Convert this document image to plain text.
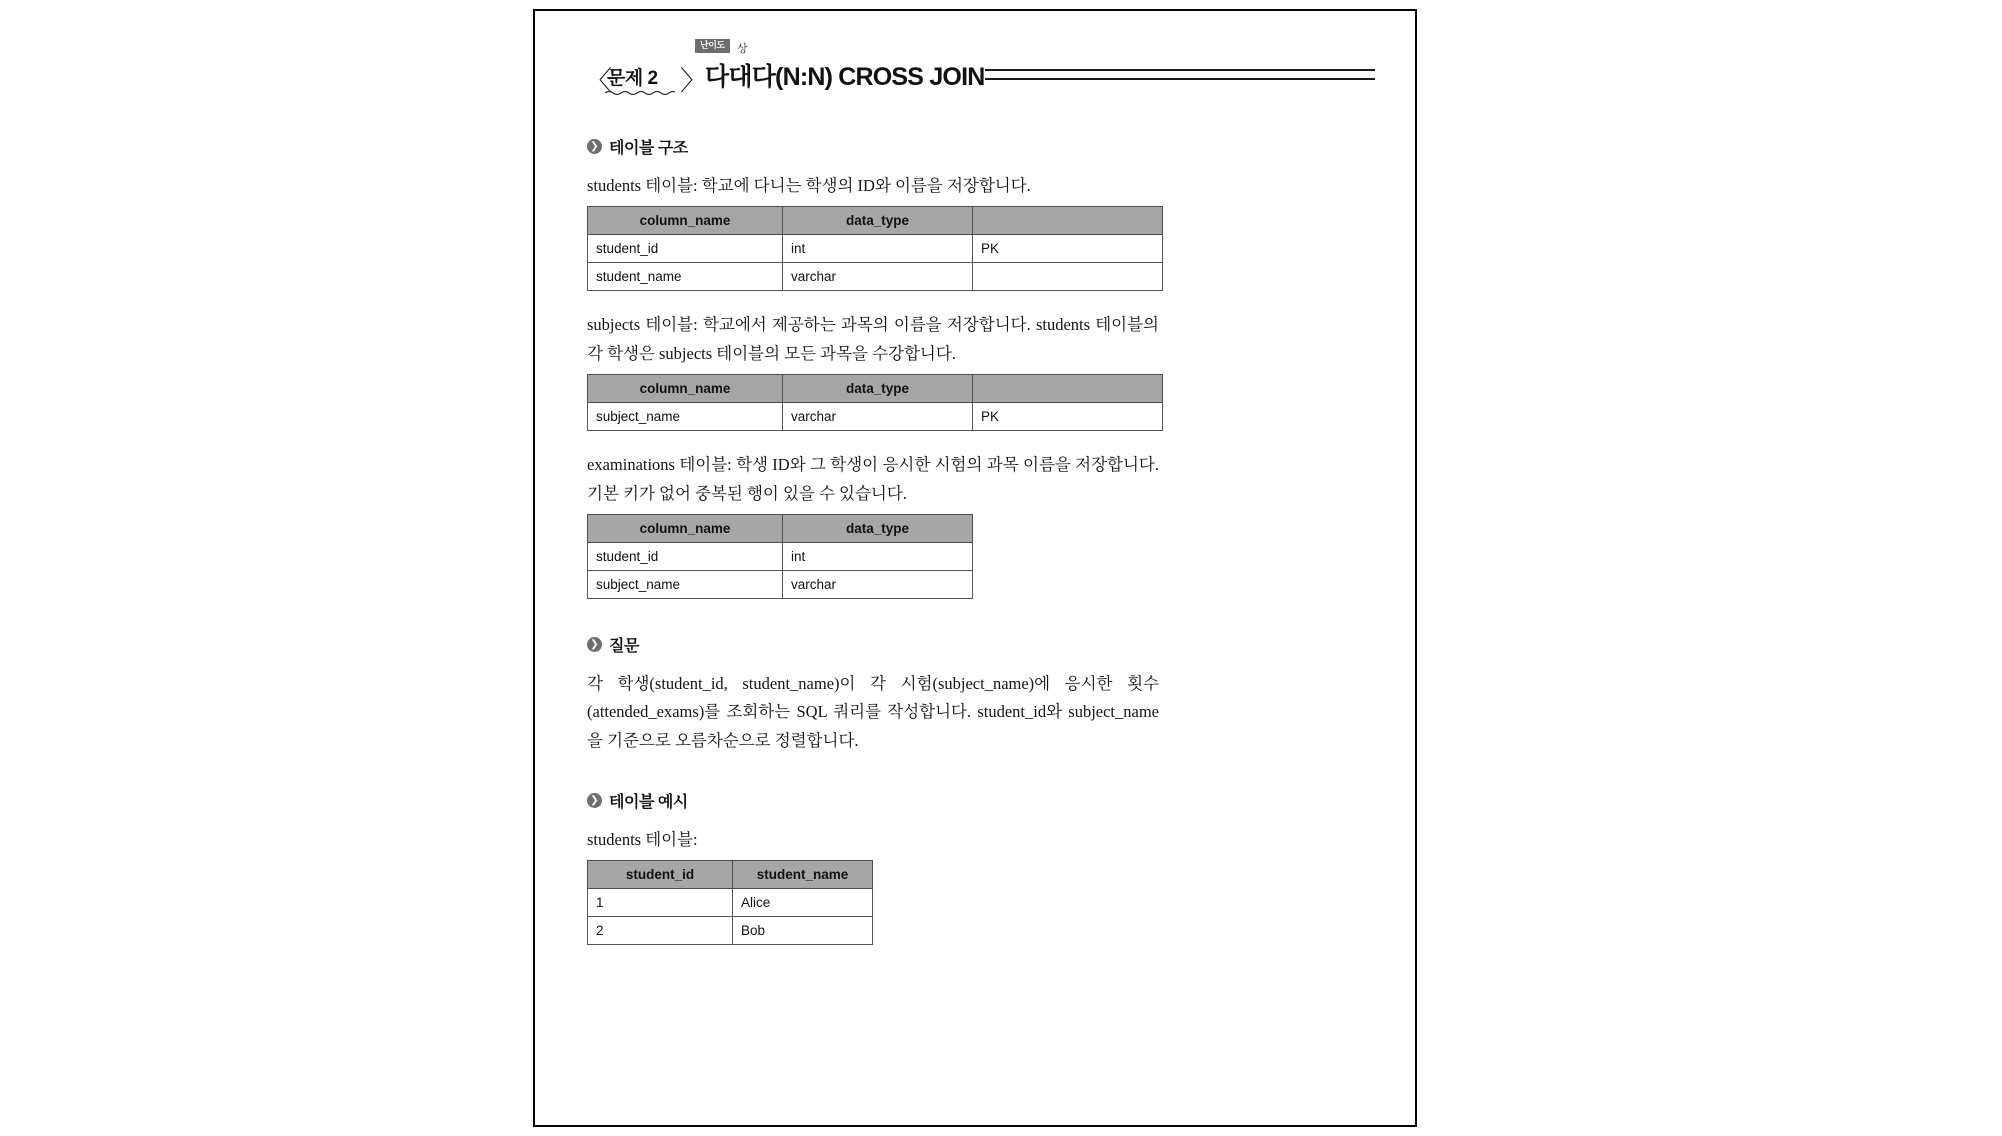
난이도	상
〈
문제 2 〉
다대다(N:N) CROSS JOIN
❯ 테이블 구조

students 테이블: 학교에 다니는 학생의 ID와 이름을 저장합니다.

column_name	data_type	
student_id	int	PK
student_name	varchar	

subjects 테이블: 학교에서 제공하는 과목의 이름을 저장합니다. students 테이블의 각 학생은 subjects 테이블의 모든 과목을 수강합니다.

column_name	data_type	
subject_name	varchar	PK

examinations 테이블: 학생 ID와 그 학생이 응시한 시험의 과목 이름을 저장합니다. 기본 키가 없어 중복된 행이 있을 수 있습니다.

column_name	data_type
student_id	int
subject_name	varchar
❯ 질문

각 학생(student_id, student_name)이 각 시험(subject_name)에 응시한 횟수(attended_exams)를 조회하는 SQL 쿼리를 작성합니다. student_id와 subject_name을 기준으로 오름차순으로 정렬합니다.

❯ 테이블 예시

students 테이블:

student_id	student_name
1	Alice
2	Bob
